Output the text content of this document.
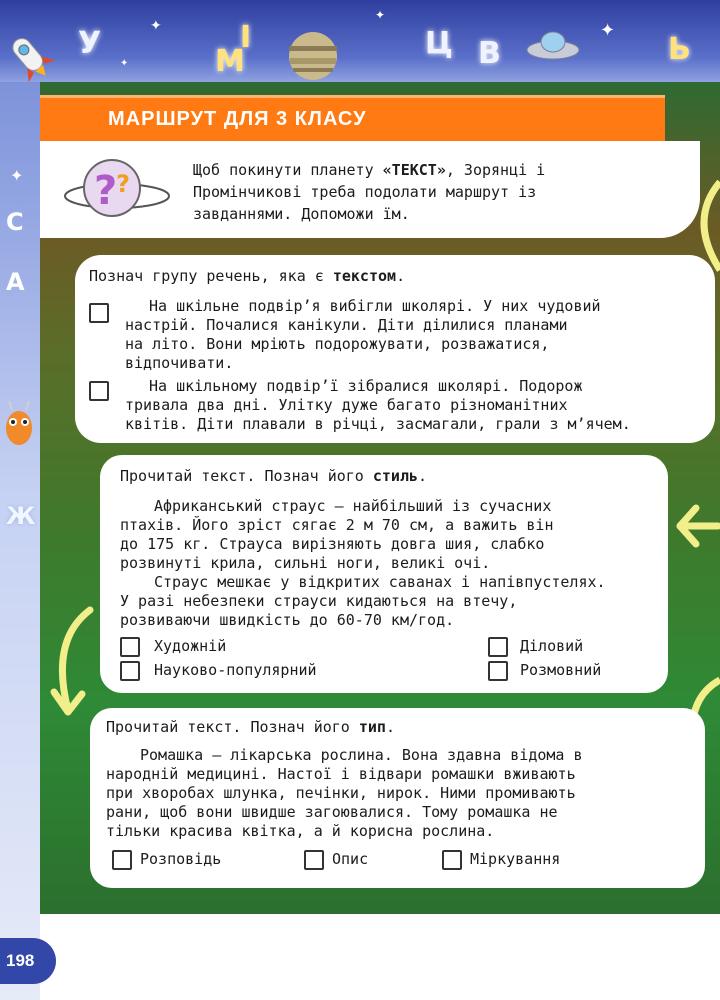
У
М
І	Ц В	Ь
✦
✦
✦
✦
✦
С
А
Ж
МАРШРУТ ДЛЯ 3 КЛАСУ
Щоб покинути планету «ТЕКСТ», Зорянці і
Промінчикові треба подолати маршрут із
завданнями. Допоможи їм.
?
?
Познач групу речень, яка є текстом.
На шкільне подвір’я вибігли школярі. У них чудовий
настрій. Почалися канікули. Діти ділилися планами
на літо. Вони мріють подорожувати, розважатися,
відпочивати.
На шкільному подвір’ї зібралися школярі. Подорож
тривала два дні. Улітку дуже багато різноманітних
квітів. Діти плавали в річці, засмагали, грали з м’ячем.
Прочитай текст. Познач його стиль.
Африканський страус — найбільший із сучасних
птахів. Його зріст сягає 2 м 70 см, а важить він
до 175 кг. Страуса вирізняють довга шия, слабко
розвинуті крила, сильні ноги, великі очі.
Страус мешкає у відкритих саванах і напівпустелях.
У разі небезпеки страуси кидаються на втечу,
розвиваючи швидкість до 60-70 км/год.
Художній	Діловий
Науково-популярний	Розмовний
Прочитай текст. Познач його тип.
Ромашка — лікарська рослина. Вона здавна відома в
народній медицині. Настої і відвари ромашки вживають
при хворобах шлунка, печінки, нирок. Ними промивають
рани, щоб вони швидше загоювалися. Тому ромашка не
тільки красива квітка, а й корисна рослина.
Розповідь	Опис	Міркування
198
